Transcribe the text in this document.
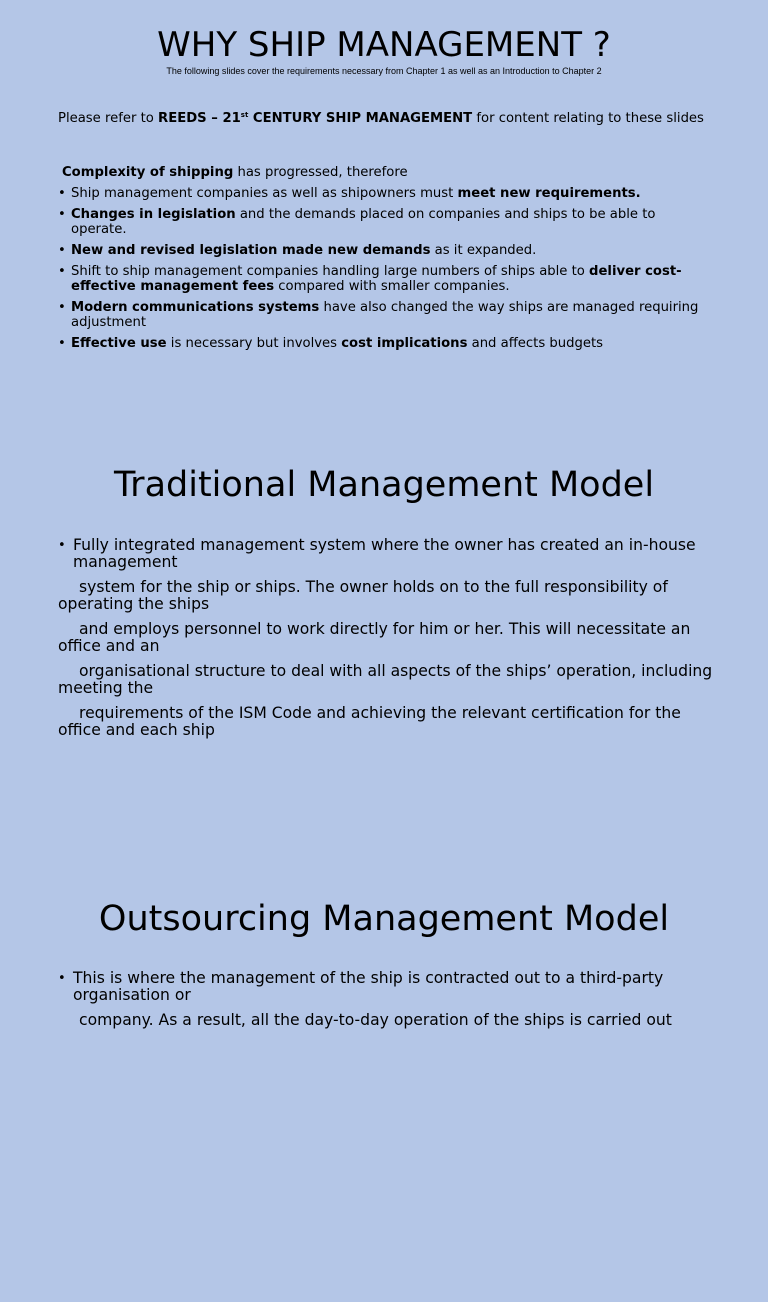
WHY SHIP MANAGEMENT ?
The following slides cover the requirements necessary from Chapter 1 as well as an Introduction to Chapter 2
Please refer to REEDS – 21st CENTURY SHIP MANAGEMENT for content relating to these slides
Complexity of shipping has progressed, therefore
• Ship management companies as well as shipowners must meet new requirements.
• Changes in legislation and the demands placed on companies and ships to be able to operate.
• New and revised legislation made new demands as it expanded.
• Shift to ship management companies handling large numbers of ships able to deliver cost-effective management fees compared with smaller companies.
• Modern communications systems have also changed the way ships are managed requiring adjustment
• Effective use is necessary but involves cost implications and affects budgets
Traditional Management Model
• Fully integrated management system where the owner has created an in-house management

system for the ship or ships. The owner holds on to the full responsibility of operating the ships

and employs personnel to work directly for him or her. This will necessitate an office and an

organisational structure to deal with all aspects of the ships’ operation, including meeting the

requirements of the ISM Code and achieving the relevant certification for the office and each ship

Outsourcing Management Model
• This is where the management of the ship is contracted out to a third-party organisation or

company. As a result, all the day-to-day operation of the ships is carried out
